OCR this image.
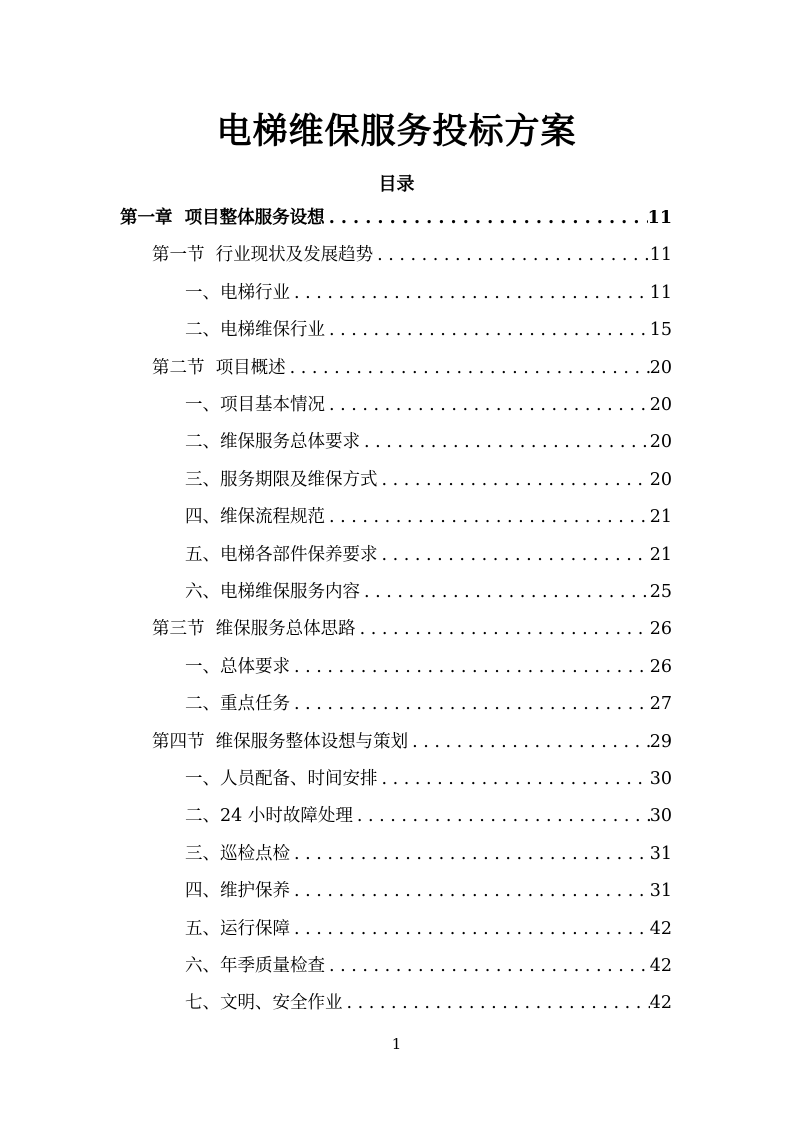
电梯维保服务投标方案
目录
第一章  项目整体服务设想 . . .	11
第一节  行业现状及发展趋势 . . .	11
一、电梯行业 . . .	11
二、电梯维保行业 . . .	15
第二节  项目概述 . . .	20
一、项目基本情况 . . .	20
二、维保服务总体要求 . . .	20
三、服务期限及维保方式 . . .	20
四、维保流程规范 . . .	21
五、电梯各部件保养要求 . . .	21
六、电梯维保服务内容 . . .	25
第三节  维保服务总体思路 . . .	26
一、总体要求 . . .	26
二、重点任务 . . .	27
第四节  维保服务整体设想与策划 . . .	29
一、人员配备、时间安排 . . .	30
二、24 小时故障处理 . . .	30
三、巡检点检 . . .	31
四、维护保养 . . .	31
五、运行保障 . . .	42
六、年季质量检查 . . .	42
七、文明、安全作业 . . .	42
1
